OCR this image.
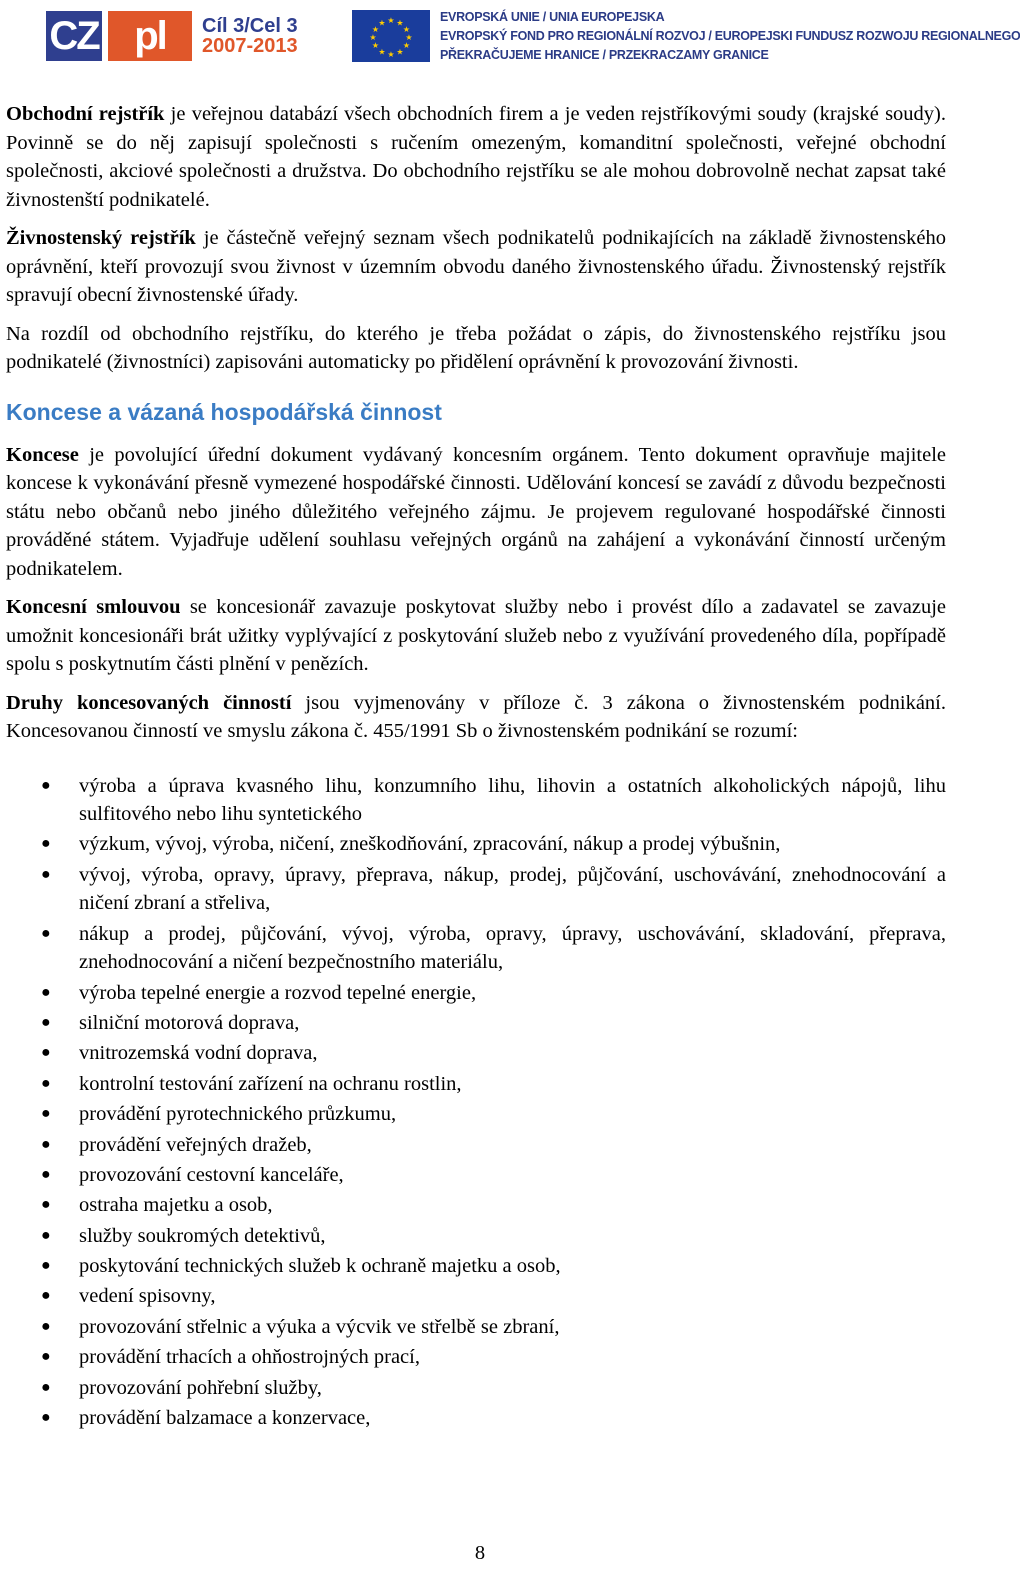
CZ pl	Cíl 3/Cel 3
2007-2013
★ ★
★
★
★
★
★
★
★
★
★
★	EVROPSKÁ UNIE / UNIA EUROPEJSKA
EVROPSKÝ FOND PRO REGIONÁLNÍ ROZVOJ / EUROPEJSKI FUNDUSZ ROZWOJU REGIONALNEGO
PŘEKRAČUJEME HRANICE / PRZEKRACZAMY GRANICE

Obchodní rejstřík je veřejnou databází všech obchodních firem a je veden rejstříkovými soudy (krajské soudy). Povinně se do něj zapisují společnosti s ručením omezeným, komanditní společnosti, veřejné obchodní společnosti, akciové společnosti a družstva. Do obchodního rejstříku se ale mohou dobrovolně nechat zapsat také živnostenští podnikatelé.

Živnostenský rejstřík je částečně veřejný seznam všech podnikatelů podnikajících na základě živnostenského oprávnění, kteří provozují svou živnost v územním obvodu daného živnostenského úřadu. Živnostenský rejstřík spravují obecní živnostenské úřady.

Na rozdíl od obchodního rejstříku, do kterého je třeba požádat o zápis, do živnostenského rejstříku jsou podnikatelé (živnostníci) zapisováni automaticky po přidělení oprávnění k provozování živnosti.

Koncese a vázaná hospodářská činnost

Koncese je povolující úřední dokument vydávaný koncesním orgánem. Tento dokument opravňuje majitele koncese k vykonávání přesně vymezené hospodářské činnosti. Udělování koncesí se zavádí z důvodu bezpečnosti státu nebo občanů nebo jiného důležitého veřejného zájmu. Je projevem regulované hospodářské činnosti prováděné státem. Vyjadřuje udělení souhlasu veřejných orgánů na zahájení a vykonávání činností určeným podnikatelem.

Koncesní smlouvou se koncesionář zavazuje poskytovat služby nebo i provést dílo a zadavatel se zavazuje umožnit koncesionáři brát užitky vyplývající z poskytování služeb nebo z využívání provedeného díla, popřípadě spolu s poskytnutím části plnění v penězích.

Druhy koncesovaných činností jsou vyjmenovány v příloze č. 3 zákona o živnostenském podnikání. Koncesovanou činností ve smyslu zákona č. 455/1991 Sb o živnostenském podnikání se rozumí:

● výroba a úprava kvasného lihu, konzumního lihu, lihovin a ostatních alkoholických nápojů, lihu sulfitového nebo lihu syntetického
● výzkum, vývoj, výroba, ničení, zneškodňování, zpracování, nákup a prodej výbušnin,
● vývoj, výroba, opravy, úpravy, přeprava, nákup, prodej, půjčování, uschovávání, znehodnocování a ničení zbraní a střeliva,
● nákup a prodej, půjčování, vývoj, výroba, opravy, úpravy, uschovávání, skladování, přeprava, znehodnocování a ničení bezpečnostního materiálu,
● výroba tepelné energie a rozvod tepelné energie,
● silniční motorová doprava,
● vnitrozemská vodní doprava,
● kontrolní testování zařízení na ochranu rostlin,
● provádění pyrotechnického průzkumu,
● provádění veřejných dražeb,
● provozování cestovní kanceláře,
● ostraha majetku a osob,
● služby soukromých detektivů,
● poskytování technických služeb k ochraně majetku a osob,
● vedení spisovny,
● provozování střelnic a výuka a výcvik ve střelbě se zbraní,
● provádění trhacích a ohňostrojných prací,
● provozování pohřební služby,
● provádění balzamace a konzervace,
8
